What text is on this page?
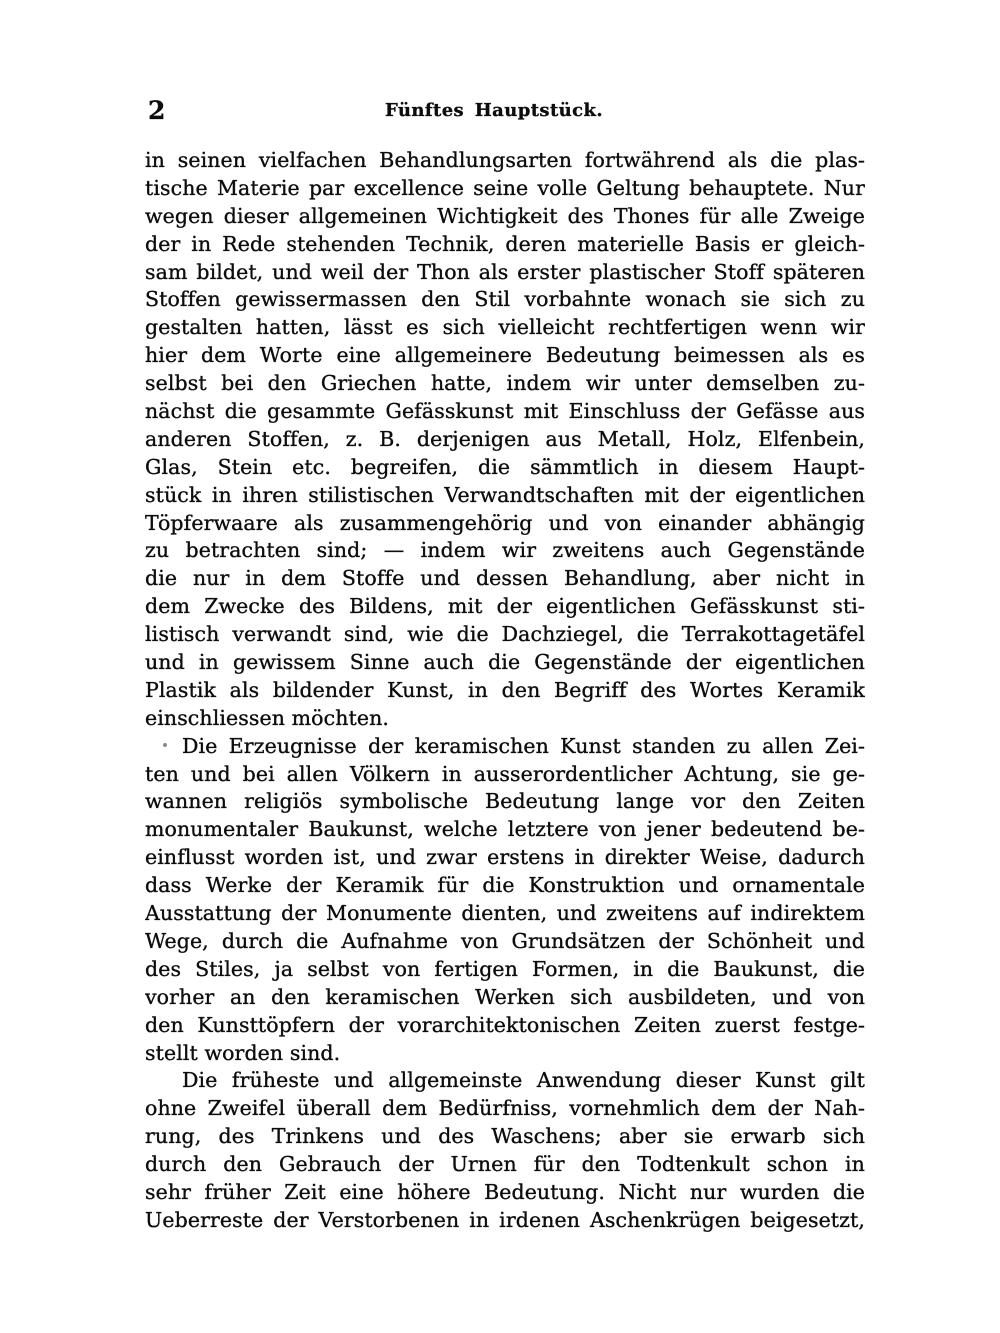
2	Fünftes Hauptstück.
in seinen vielfachen Behandlungsarten fortwährend als die plas-
tische Materie par excellence seine volle Geltung behauptete. Nur
wegen dieser allgemeinen Wichtigkeit des Thones für alle Zweige
der in Rede stehenden Technik, deren materielle Basis er gleich-
sam bildet, und weil der Thon als erster plastischer Stoff späteren
Stoffen gewissermassen den Stil vorbahnte wonach sie sich zu
gestalten hatten, lässt es sich vielleicht rechtfertigen wenn wir
hier dem Worte eine allgemeinere Bedeutung beimessen als es
selbst bei den Griechen hatte, indem wir unter demselben zu-
nächst die gesammte Gefässkunst mit Einschluss der Gefässe aus
anderen Stoffen, z. B. derjenigen aus Metall, Holz, Elfenbein,
Glas, Stein etc. begreifen, die sämmtlich in diesem Haupt-
stück in ihren stilistischen Verwandtschaften mit der eigentlichen
Töpferwaare als zusammengehörig und von einander abhängig
zu betrachten sind; — indem wir zweitens auch Gegenstände
die nur in dem Stoffe und dessen Behandlung, aber nicht in
dem Zwecke des Bildens, mit der eigentlichen Gefässkunst sti-
listisch verwandt sind, wie die Dachziegel, die Terrakottagetäfel
und in gewissem Sinne auch die Gegenstände der eigentlichen
Plastik als bildender Kunst, in den Begriff des Wortes Keramik
einschliessen möchten.
Die Erzeugnisse der keramischen Kunst standen zu allen Zei-
ten und bei allen Völkern in ausserordentlicher Achtung, sie ge-
wannen religiös symbolische Bedeutung lange vor den Zeiten
monumentaler Baukunst, welche letztere von jener bedeutend be-
einflusst worden ist, und zwar erstens in direkter Weise, dadurch
dass Werke der Keramik für die Konstruktion und ornamentale
Ausstattung der Monumente dienten, und zweitens auf indirektem
Wege, durch die Aufnahme von Grundsätzen der Schönheit und
des Stiles, ja selbst von fertigen Formen, in die Baukunst, die
vorher an den keramischen Werken sich ausbildeten, und von
den Kunsttöpfern der vorarchitektonischen Zeiten zuerst festge-
stellt worden sind.
Die früheste und allgemeinste Anwendung dieser Kunst gilt
ohne Zweifel überall dem Bedürfniss, vornehmlich dem der Nah-
rung, des Trinkens und des Waschens; aber sie erwarb sich
durch den Gebrauch der Urnen für den Todtenkult schon in
sehr früher Zeit eine höhere Bedeutung. Nicht nur wurden die
Ueberreste der Verstorbenen in irdenen Aschenkrügen beigesetzt,
